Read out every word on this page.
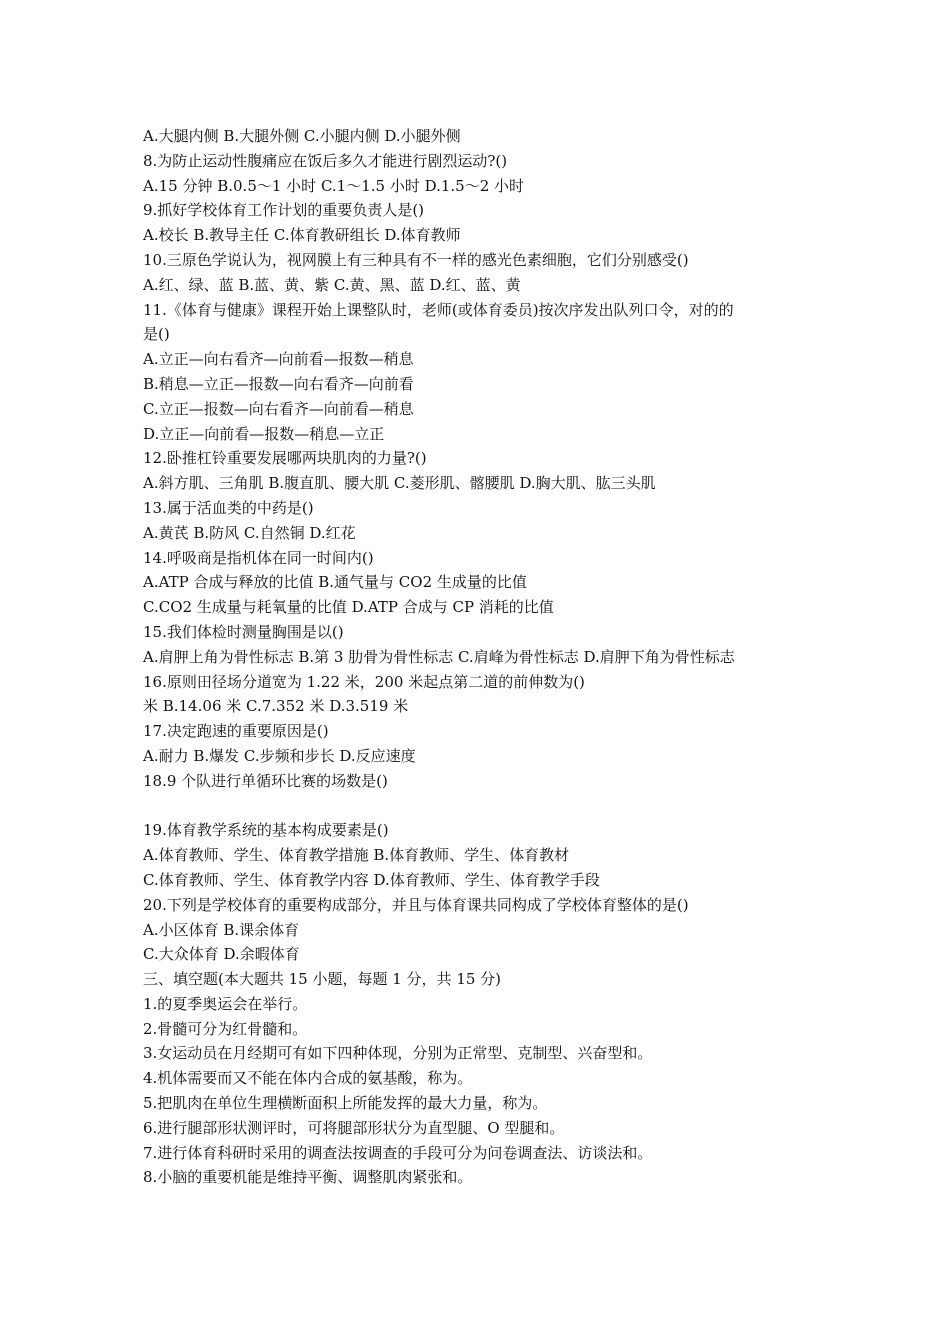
A.大腿内侧 B.大腿外侧 C.小腿内侧 D.小腿外侧
8.为防止运动性腹痛应在饭后多久才能进行剧烈运动?()
A.15 分钟 B.0.5～1 小时 C.1～1.5 小时 D.1.5～2 小时
9.抓好学校体育工作计划的重要负责人是()
A.校长 B.教导主任 C.体育教研组长 D.体育教师
10.三原色学说认为，视网膜上有三种具有不一样的感光色素细胞，它们分别感受()
A.红、绿、蓝 B.蓝、黄、紫 C.黄、黑、蓝 D.红、蓝、黄
11.《体育与健康》课程开始上课整队时，老师(或体育委员)按次序发出队列口令，对的的
是()
A.立正—向右看齐—向前看—报数—稍息
B.稍息—立正—报数—向右看齐—向前看
C.立正—报数—向右看齐—向前看—稍息
D.立正—向前看—报数—稍息—立正
12.卧推杠铃重要发展哪两块肌肉的力量?()
A.斜方肌、三角肌 B.腹直肌、腰大肌 C.菱形肌、髂腰肌 D.胸大肌、肱三头肌
13.属于活血类的中药是()
A.黄芪 B.防风 C.自然铜 D.红花
14.呼吸商是指机体在同一时间内()
A.ATP 合成与释放的比值 B.通气量与 CO2 生成量的比值
C.CO2 生成量与耗氧量的比值 D.ATP 合成与 CP 消耗的比值
15.我们体检时测量胸围是以()
A.肩胛上角为骨性标志 B.第 3 肋骨为骨性标志 C.肩峰为骨性标志 D.肩胛下角为骨性标志
16.原则田径场分道宽为 1.22 米，200 米起点第二道的前伸数为()
米 B.14.06 米 C.7.352 米 D.3.519 米
17.决定跑速的重要原因是()
A.耐力 B.爆发 C.步频和步长 D.反应速度
18.9 个队进行单循环比赛的场数是()
19.体育教学系统的基本构成要素是()
A.体育教师、学生、体育教学措施 B.体育教师、学生、体育教材
C.体育教师、学生、体育教学内容 D.体育教师、学生、体育教学手段
20.下列是学校体育的重要构成部分，并且与体育课共同构成了学校体育整体的是()
A.小区体育 B.课余体育
C.大众体育 D.余暇体育
三、填空题(本大题共 15 小题，每题 1 分，共 15 分)
1.的夏季奥运会在举行。
2.骨髓可分为红骨髓和。
3.女运动员在月经期可有如下四种体现，分别为正常型、克制型、兴奋型和。
4.机体需要而又不能在体内合成的氨基酸，称为。
5.把肌肉在单位生理横断面积上所能发挥的最大力量，称为。
6.进行腿部形状测评时，可将腿部形状分为直型腿、O 型腿和。
7.进行体育科研时采用的调查法按调查的手段可分为问卷调查法、访谈法和。
8.小脑的重要机能是维持平衡、调整肌肉紧张和。
